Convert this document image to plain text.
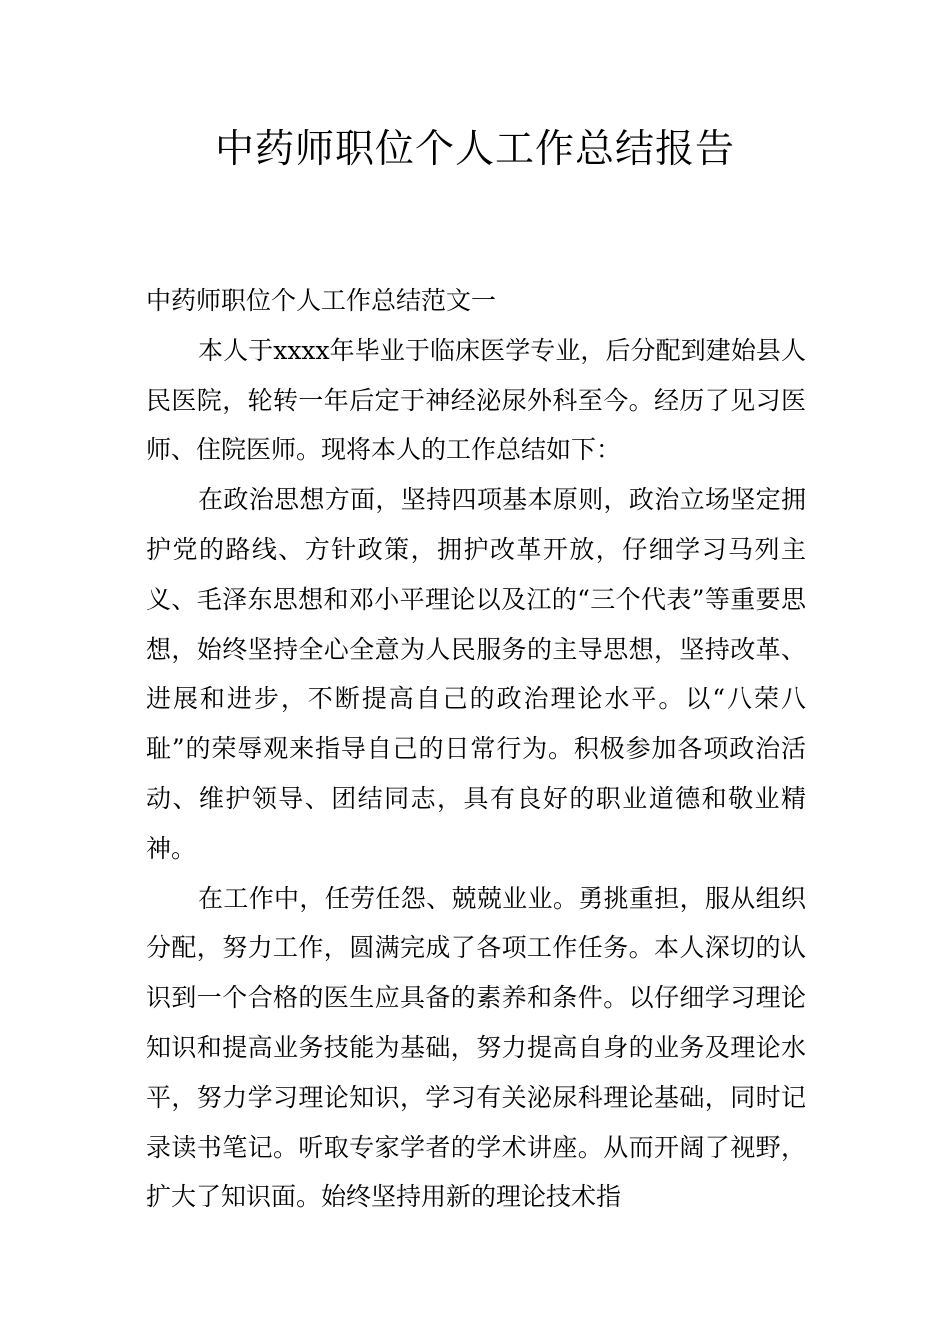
中药师职位个人工作总结报告

中药师职位个人工作总结范文一

本人于xxxx年毕业于临床医学专业，后分配到建始县人民医院，轮转一年后定于神经泌尿外科至今。经历了见习医师、住院医师。现将本人的工作总结如下：

在政治思想方面，坚持四项基本原则，政治立场坚定拥护党的路线、方针政策，拥护改革开放，仔细学习马列主义、毛泽东思想和邓小平理论以及江的“三个代表”等重要思想，始终坚持全心全意为人民服务的主导思想，坚持改革、进展和进步，不断提高自己的政治理论水平。以“八荣八耻”的荣辱观来指导自己的日常行为。积极参加各项政治活动、维护领导、团结同志，具有良好的职业道德和敬业精神。

在工作中，任劳任怨、兢兢业业。勇挑重担，服从组织分配，努力工作，圆满完成了各项工作任务。本人深切的认识到一个合格的医生应具备的素养和条件。以仔细学习理论知识和提高业务技能为基础，努力提高自身的业务及理论水平，努力学习理论知识，学习有关泌尿科理论基础，同时记录读书笔记。听取专家学者的学术讲座。从而开阔了视野，扩大了知识面。始终坚持用新的理论技术指
